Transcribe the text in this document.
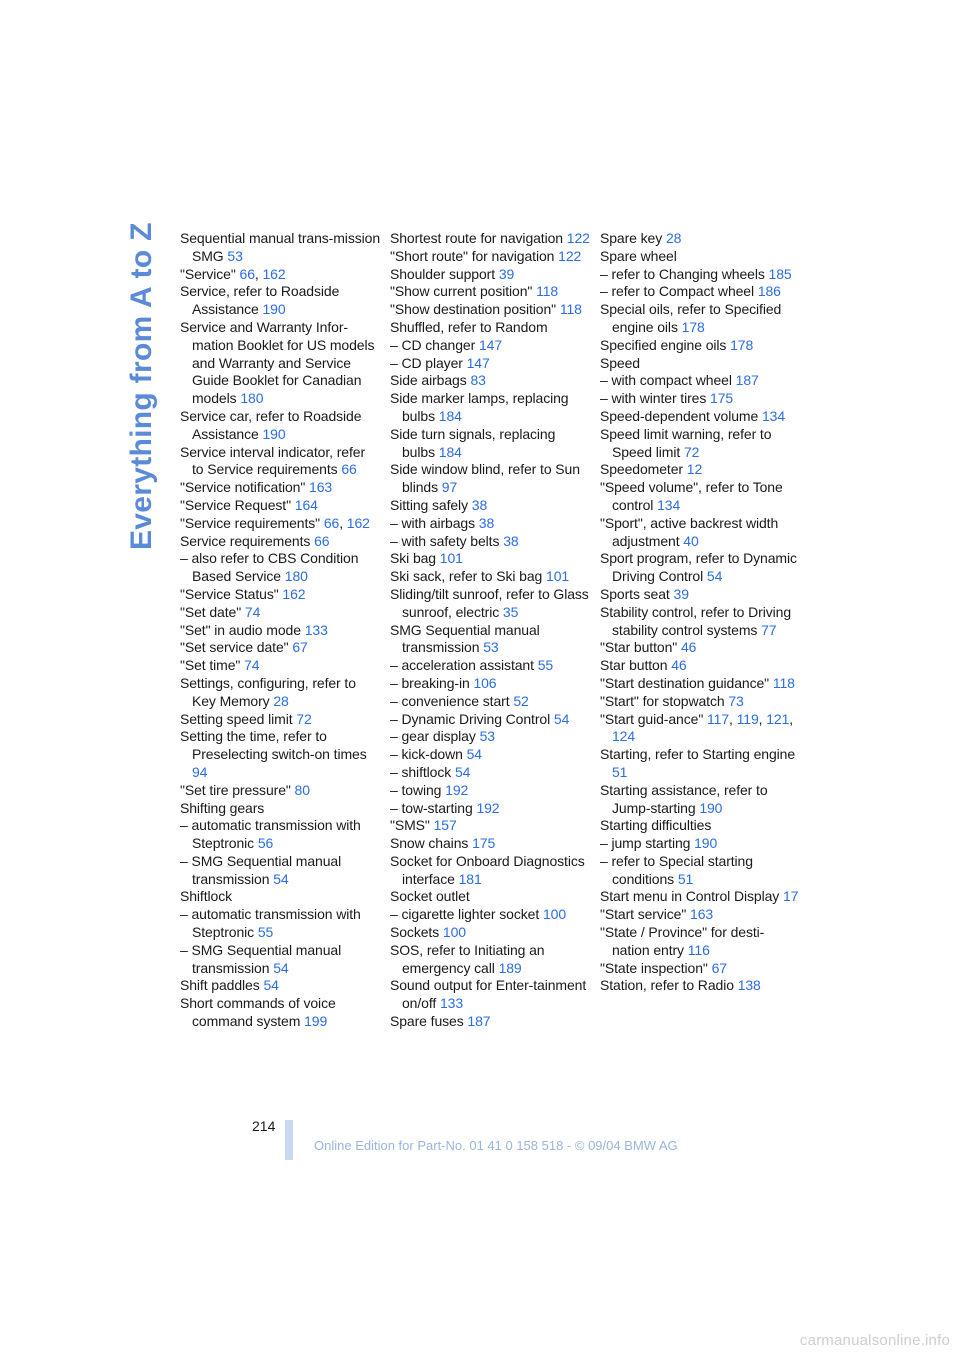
Everything from A to Z Sequential manual trans-mission SMG 53
"Service" 66, 162
Service, refer to Roadside Assistance 190
Service and Warranty Infor-mation Booklet for US models and Warranty and Service Guide Booklet for Canadian models 180
Service car, refer to Roadside Assistance 190
Service interval indicator, refer to Service requirements 66
"Service notification" 163
"Service Request" 164
"Service requirements" 66, 162
Service requirements 66
– also refer to CBS Condition Based Service 180
"Service Status" 162
"Set date" 74
"Set" in audio mode 133
"Set service date" 67
"Set time" 74
Settings, configuring, refer to Key Memory 28
Setting speed limit 72
Setting the time, refer to Preselecting switch-on times 94
"Set tire pressure" 80
Shifting gears
– automatic transmission with Steptronic 56
– SMG Sequential manual transmission 54
Shiftlock
– automatic transmission with Steptronic 55
– SMG Sequential manual transmission 54
Shift paddles 54
Short commands of voice command system 199
Shortest route for navigation 122
"Short route" for navigation 122
Shoulder support 39
"Show current position" 118
"Show destination position" 118
Shuffled, refer to Random
– CD changer 147
– CD player 147
Side airbags 83
Side marker lamps, replacing bulbs 184
Side turn signals, replacing bulbs 184
Side window blind, refer to Sun blinds 97
Sitting safely 38
– with airbags 38
– with safety belts 38
Ski bag 101
Ski sack, refer to Ski bag 101
Sliding/tilt sunroof, refer to Glass sunroof, electric 35
SMG Sequential manual transmission 53
– acceleration assistant 55
– breaking-in 106
– convenience start 52
– Dynamic Driving Control 54
– gear display 53
– kick-down 54
– shiftlock 54
– towing 192
– tow-starting 192
"SMS" 157
Snow chains 175
Socket for Onboard Diagnostics interface 181
Socket outlet
– cigarette lighter socket 100
Sockets 100
SOS, refer to Initiating an emergency call 189
Sound output for Enter-tainment on/off 133
Spare fuses 187
Spare key 28
Spare wheel
– refer to Changing wheels 185
– refer to Compact wheel 186
Special oils, refer to Specified engine oils 178
Specified engine oils 178
Speed
– with compact wheel 187
– with winter tires 175
Speed-dependent volume 134
Speed limit warning, refer to Speed limit 72
Speedometer 12
"Speed volume", refer to Tone control 134
"Sport", active backrest width adjustment 40
Sport program, refer to Dynamic Driving Control 54
Sports seat 39
Stability control, refer to Driving stability control systems 77
"Star button" 46
Star button 46
"Start destination guidance" 118
"Start" for stopwatch 73
"Start guid-ance" 117, 119, 121, 124
Starting, refer to Starting engine 51
Starting assistance, refer to Jump-starting 190
Starting difficulties
– jump starting 190
– refer to Special starting conditions 51
Start menu in Control Display 17
"Start service" 163
"State / Province" for desti-nation entry 116
"State inspection" 67
Station, refer to Radio 138
214
Online Edition for Part-No. 01 41 0 158 518 - © 09/04 BMW AG
carmanualsonline.info
